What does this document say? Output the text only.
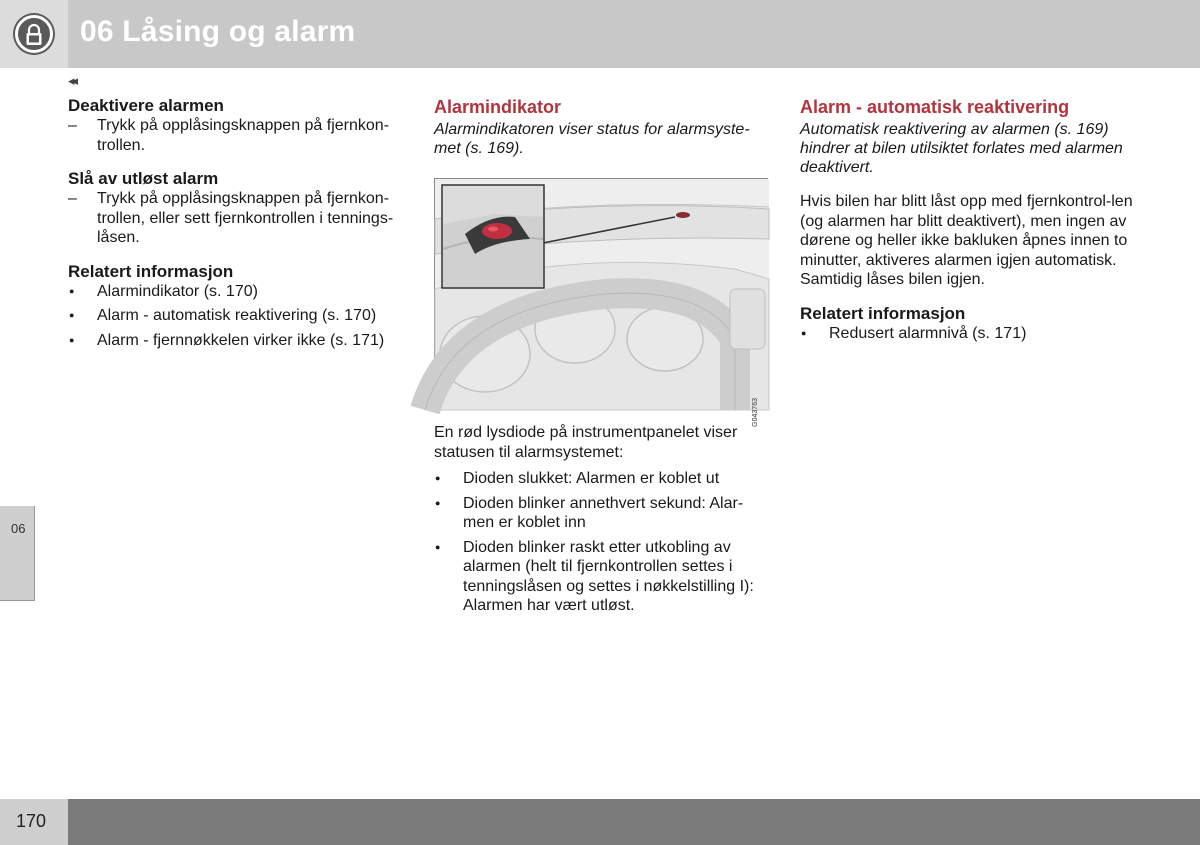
06 Låsing og alarm
◂◂
Deaktivere alarmen
– Trykk på opplåsingsknappen på fjernkon-trollen.
Slå av utløst alarm
– Trykk på opplåsingsknappen på fjernkon-trollen, eller sett fjernkontrollen i tennings-låsen.
Relatert informasjon
● Alarmindikator (s. 170)
● Alarm - automatisk reaktivering (s. 170)
● Alarm - fjernnøkkelen virker ikke (s. 171)
Alarmindikator

Alarmindikatoren viser status for alarmsyste-met (s. 169).

G043763

En rød lysdiode på instrumentpanelet viser statusen til alarmsystemet:

● Dioden slukket: Alarmen er koblet ut
● Dioden blinker annethvert sekund: Alar-men er koblet inn
● Dioden blinker raskt etter utkobling av alarmen (helt til fjernkontrollen settes i tenningslåsen og settes i nøkkelstilling I): Alarmen har vært utløst.
Alarm - automatisk reaktivering

Automatisk reaktivering av alarmen (s. 169) hindrer at bilen utilsiktet forlates med alarmen deaktivert.

Hvis bilen har blitt låst opp med fjernkontrol-len (og alarmen har blitt deaktivert), men ingen av dørene og heller ikke bakluken åpnes innen to minutter, aktiveres alarmen igjen automatisk. Samtidig låses bilen igjen.

Relatert informasjon
● Redusert alarmnivå (s. 171)
06
170
